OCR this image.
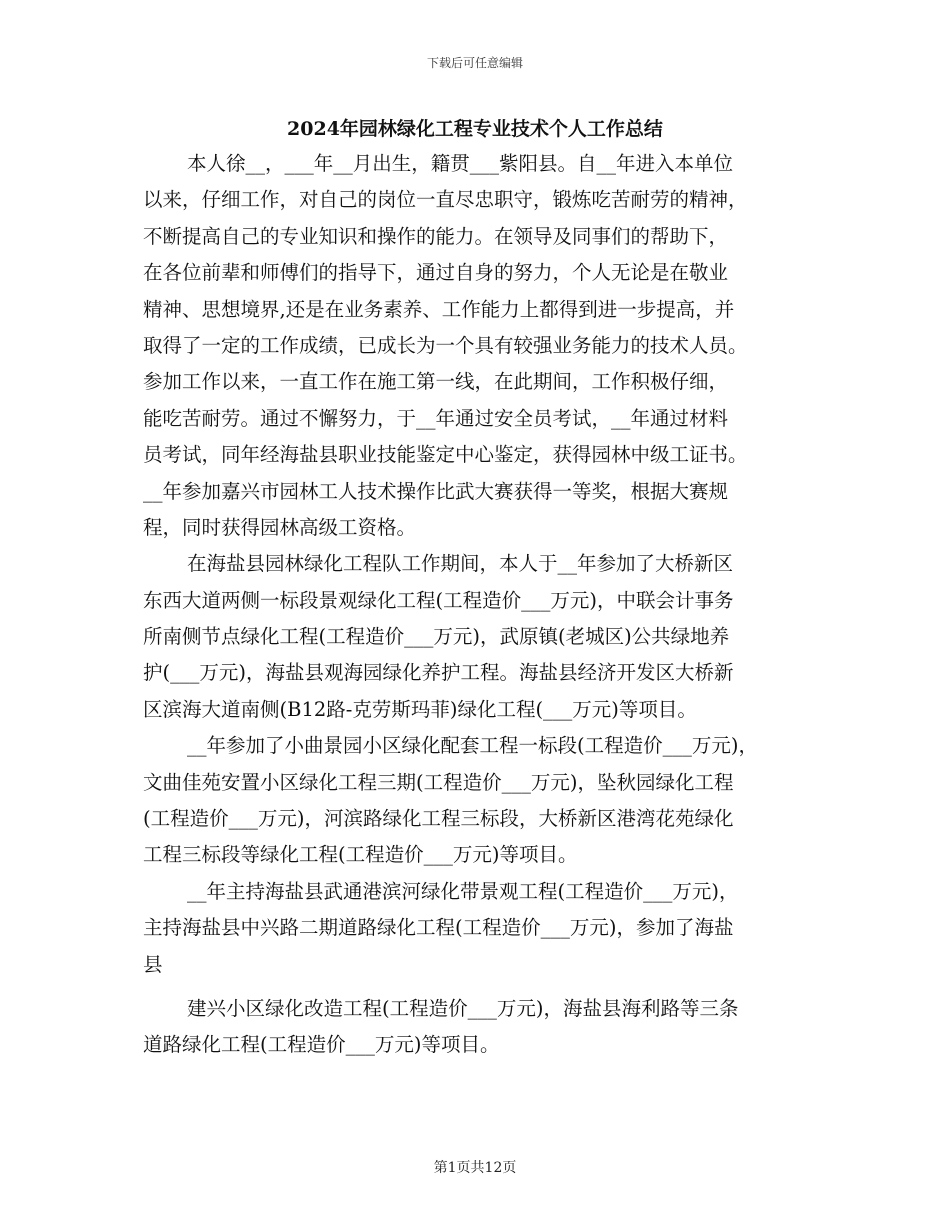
下载后可任意编辑
2024年园林绿化工程专业技术个人工作总结
本人徐__，___年__月出生，籍贯___紫阳县。自__年进入本单位
以来，仔细工作，对自己的岗位一直尽忠职守，锻炼吃苦耐劳的精神，
不断提高自己的专业知识和操作的能力。在领导及同事们的帮助下，
在各位前辈和师傅们的指导下，通过自身的努力，个人无论是在敬业
精神、思想境界,还是在业务素养、工作能力上都得到进一步提高，并
取得了一定的工作成绩，已成长为一个具有较强业务能力的技术人员。
参加工作以来，一直工作在施工第一线，在此期间，工作积极仔细，
能吃苦耐劳。通过不懈努力，于__年通过安全员考试，__年通过材料
员考试，同年经海盐县职业技能鉴定中心鉴定，获得园林中级工证书。
__年参加嘉兴市园林工人技术操作比武大赛获得一等奖，根据大赛规
程，同时获得园林高级工资格。
在海盐县园林绿化工程队工作期间，本人于__年参加了大桥新区
东西大道两侧一标段景观绿化工程(工程造价___万元)，中联会计事务
所南侧节点绿化工程(工程造价___万元)，武原镇(老城区)公共绿地养
护(___万元)，海盐县观海园绿化养护工程。海盐县经济开发区大桥新
区滨海大道南侧(B12路-克劳斯玛菲)绿化工程(___万元)等项目。
__年参加了小曲景园小区绿化配套工程一标段(工程造价___万元)，
文曲佳苑安置小区绿化工程三期(工程造价___万元)，坠秋园绿化工程
(工程造价___万元)，河滨路绿化工程三标段，大桥新区港湾花苑绿化
工程三标段等绿化工程(工程造价___万元)等项目。
__年主持海盐县武通港滨河绿化带景观工程(工程造价___万元)，
主持海盐县中兴路二期道路绿化工程(工程造价___万元)，参加了海盐
县
建兴小区绿化改造工程(工程造价___万元)，海盐县海利路等三条
道路绿化工程(工程造价___万元)等项目。
第1页共12页
